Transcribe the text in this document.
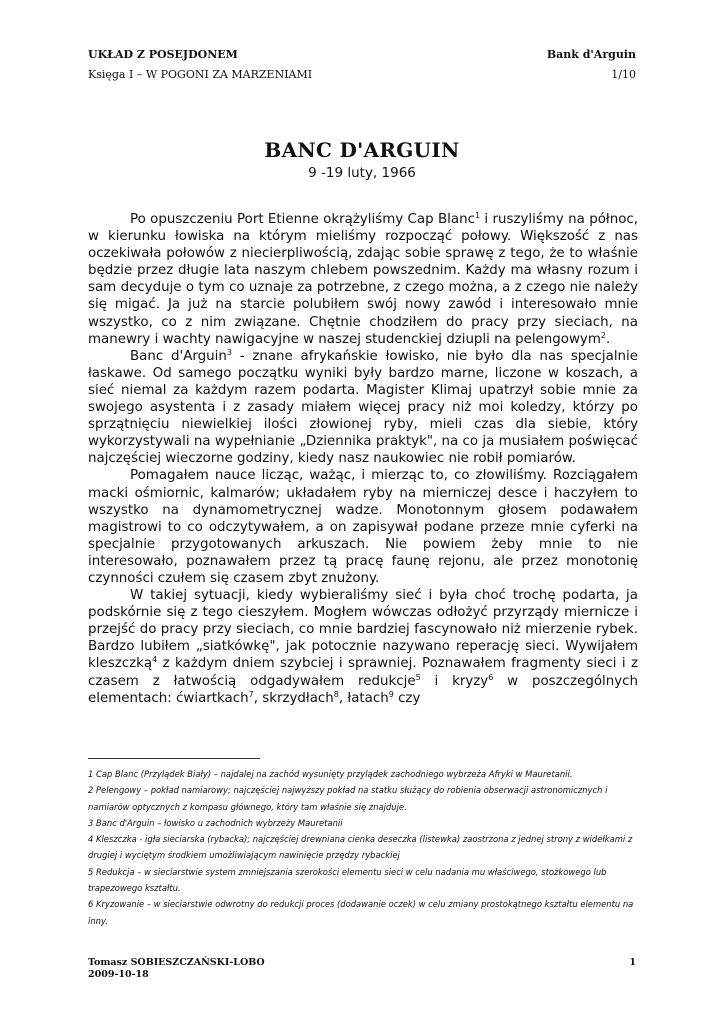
UKŁAD Z POSEJDONEM	Bank d'Arguin
Księga I – W POGONI ZA MARZENIAMI	1/10
BANC D'ARGUIN
9 -19 luty, 1966

Po opuszczeniu Port Etienne okrążyliśmy Cap Blanc$^1$ i ruszyliśmy na północ, w kierunku łowiska na którym mieliśmy rozpocząć połowy. Większość z nas oczekiwała połowów z niecierpliwością, zdając sobie sprawę z tego, że to właśnie będzie przez długie lata naszym chlebem powszednim. Każdy ma własny rozum i sam decyduje o tym co uznaje za potrzebne, z czego można, a z czego nie należy się migać. Ja już na starcie polubiłem swój nowy zawód i interesowało mnie wszystko, co z nim związane. Chętnie chodziłem do pracy przy sieciach, na manewry i wachty nawigacyjne w naszej studenckiej dziupli na pelengowym$^2$.

Banc d'Arguin$^3$ - znane afrykańskie łowisko, nie było dla nas specjalnie łaskawe. Od samego początku wyniki były bardzo marne, liczone w koszach, a sieć niemal za każdym razem podarta. Magister Klimaj upatrzył sobie mnie za swojego asystenta i z zasady miałem więcej pracy niż moi koledzy, którzy po sprzątnięciu niewielkiej ilości złowionej ryby, mieli czas dla siebie, który wykorzystywali na wypełnianie „Dziennika praktyk", na co ja musiałem poświęcać najczęściej wieczorne godziny, kiedy nasz naukowiec nie robił pomiarów.

Pomagałem nauce licząc, ważąc, i mierząc to, co złowiliśmy. Rozciągałem macki ośmiornic, kalmarów; układałem ryby na mierniczej desce i haczyłem to wszystko na dynamometrycznej wadze. Monotonnym głosem podawałem magistrowi to co odczytywałem, a on zapisywał podane przeze mnie cyferki na specjalnie przygotowanych arkuszach. Nie powiem żeby mnie to nie interesowało, poznawałem przez tą pracę faunę rejonu, ale przez monotonię czynności czułem się czasem zbyt znużony.

W takiej sytuacji, kiedy wybieraliśmy sieć i była choć trochę podarta, ja podskórnie się z tego cieszyłem. Mogłem wówczas odłożyć przyrządy miernicze i przejść do pracy przy sieciach, co mnie bardziej fascynowało niż mierzenie rybek. Bardzo lubiłem „siatkówkę", jak potocznie nazywano reperację sieci. Wywijałem kleszczką$^4$ z każdym dniem szybciej i sprawniej. Poznawałem fragmenty sieci i z czasem z łatwością odgadywałem redukcje$^5$ i kryzy$^6$ w poszczególnych elementach: ćwiartkach$^7$, skrzydłach$^8$, łatach$^9$ czy

1 Cap Blanc (Przylądek Biały) – najdalej na zachód wysunięty przylądek zachodniego wybrzeża Afryki w Mauretanii.

2 Pelengowy – pokład namiarowy; najczęściej najwyższy pokład na statku służący do robienia obserwacji astronomicznych i namiarów optycznych z kompasu głównego, który tam właśnie się znajduje.

3 Banc d'Arguin – łowisko u zachodnich wybrzeży Mauretanii

4 Kleszczka - igła sieciarska (rybacka); najczęściej drewniana cienka deseczka (listewka) zaostrzona z jednej strony z widełkami z drugiej i wyciętym środkiem umożliwiającym nawinięcie przędzy rybackiej

5 Redukcja – w sieciarstwie system zmniejszania szerokości elementu sieci w celu nadania mu właściwego, stożkowego lub trapezowego kształtu.

6 Kryzowanie – w sieciarstwie odwrotny do redukcji proces (dodawanie oczek) w celu zmiany prostokątnego kształtu elementu na inny.

Tomasz SOBIESZCZAŃSKI-LOBO
2009-10-18
1
